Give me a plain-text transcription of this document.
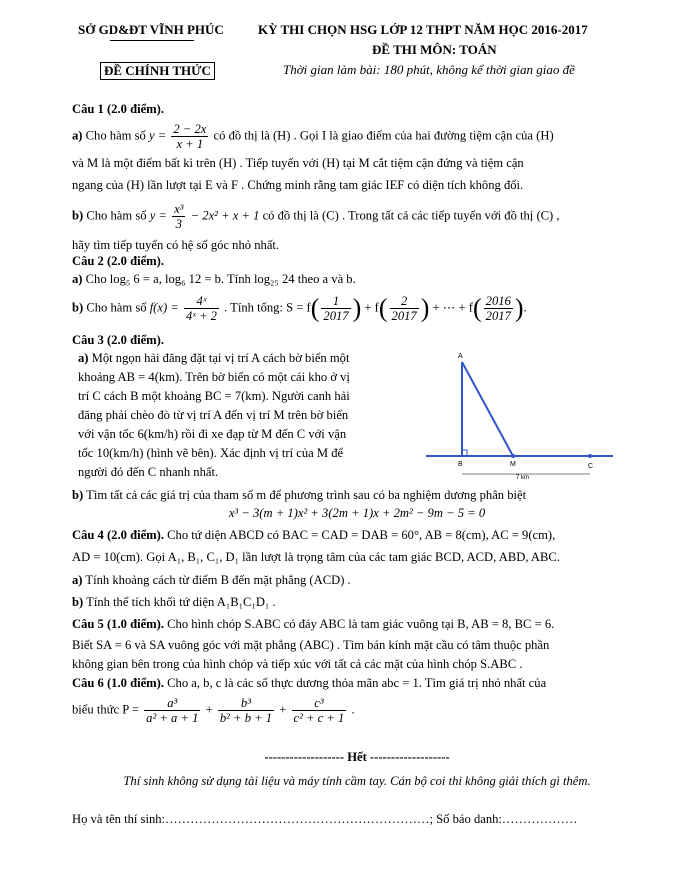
SỞ GD&ĐT VĨNH PHÚC	KỲ THI CHỌN HSG LỚP 12 THPT NĂM HỌC 2016-2017
ĐỀ THI MÔN: TOÁN
ĐỀ CHÍNH THỨC	Thời gian làm bài: 180 phút, không kể thời gian giao đề
Câu 1 (2.0 điểm).
a) Cho hàm số $y = \frac{2 - 2x}{x + 1}$ có đồ thị là (H) . Gọi I là giao điểm của hai đường tiệm cận của (H)
và M là một điểm bất kì trên (H) . Tiếp tuyến với (H) tại M cắt tiệm cận đứng và tiệm cận
ngang của (H) lần lượt tại E và F . Chứng minh rằng tam giác IEF có diện tích không đổi.
b) Cho hàm số $y = \frac{\text{x³}}{3} - 2x^2 + x + 1$ có đồ thị là (C) . Trong tất cả các tiếp tuyến với đồ thị (C) ,
hãy tìm tiếp tuyến có hệ số góc nhỏ nhất.
Câu 2 (2.0 điểm).
a) Cho log₅ 6 = a, log₆ 12 = b. Tính log₂₅ 24 theo a và b.
b) Cho hàm số $f(x) = \frac{\text{4ˣ}}{\text{4ˣ + 2}}$ . Tính tổng: $S = f( \frac{1}{2017}$ ) + $f( \frac{2}{2017}$ ) + ⋯ + $f( \frac{2016}{2017}$ ).
Câu 3 (2.0 điểm).
a) Một ngọn hải đăng đặt tại vị trí A cách bờ biển một
khoảng AB = 4(km). Trên bờ biển có một cái kho ở vị
trí C cách B một khoảng BC = 7(km). Người canh hải
đăng phải chèo đò từ vị trí A đến vị trí M trên bờ biển
với vận tốc 6(km/h) rồi đi xe đạp từ M đến C với vận
tốc 10(km/h) (hình vẽ bên). Xác định vị trí của M để
người đó đến C nhanh nhất.
A
B	M	C
7 km
b) Tìm tất cả các giá trị của tham số m để phương trình sau có ba nghiệm dương phân biệt
x³ − 3(m + 1)x² + 3(2m + 1)x + 2m² − 9m − 5 = 0
Câu 4 (2.0 điểm). Cho tứ diện ABCD có BAC = CAD = DAB = 60°, AB = 8(cm), AC = 9(cm),
AD = 10(cm). Gọi A₁, B₁, C₁, D₁ lần lượt là trọng tâm của các tam giác BCD, ACD, ABD, ABC.
a) Tính khoảng cách từ điểm B đến mặt phẳng (ACD) .
b) Tính thể tích khối tứ diện A₁B₁C₁D₁ .
Câu 5 (1.0 điểm). Cho hình chóp S.ABC có đáy ABC là tam giác vuông tại B, AB = 8, BC = 6.
Biết SA = 6 và SA vuông góc với mặt phẳng (ABC) . Tìm bán kính mặt cầu có tâm thuộc phần
không gian bên trong của hình chóp và tiếp xúc với tất cả các mặt của hình chóp S.ABC .
Câu 6 (1.0 điểm). Cho a, b, c là các số thực dương thỏa mãn abc = 1. Tìm giá trị nhỏ nhất của
biểu thức $P = \frac{\text{a³}}{\text{a² + a + 1}} + \frac{\text{b³}}{\text{b² + b + 1}} + \frac{\text{c³}}{\text{c² + c + 1}}$ .
------------------- Hết -------------------
Thí sinh không sử dụng tài liệu và máy tính cầm tay. Cán bộ coi thi không giải thích gì thêm.
Họ và tên thí sinh:………………………………………………………; Số báo danh:………………
